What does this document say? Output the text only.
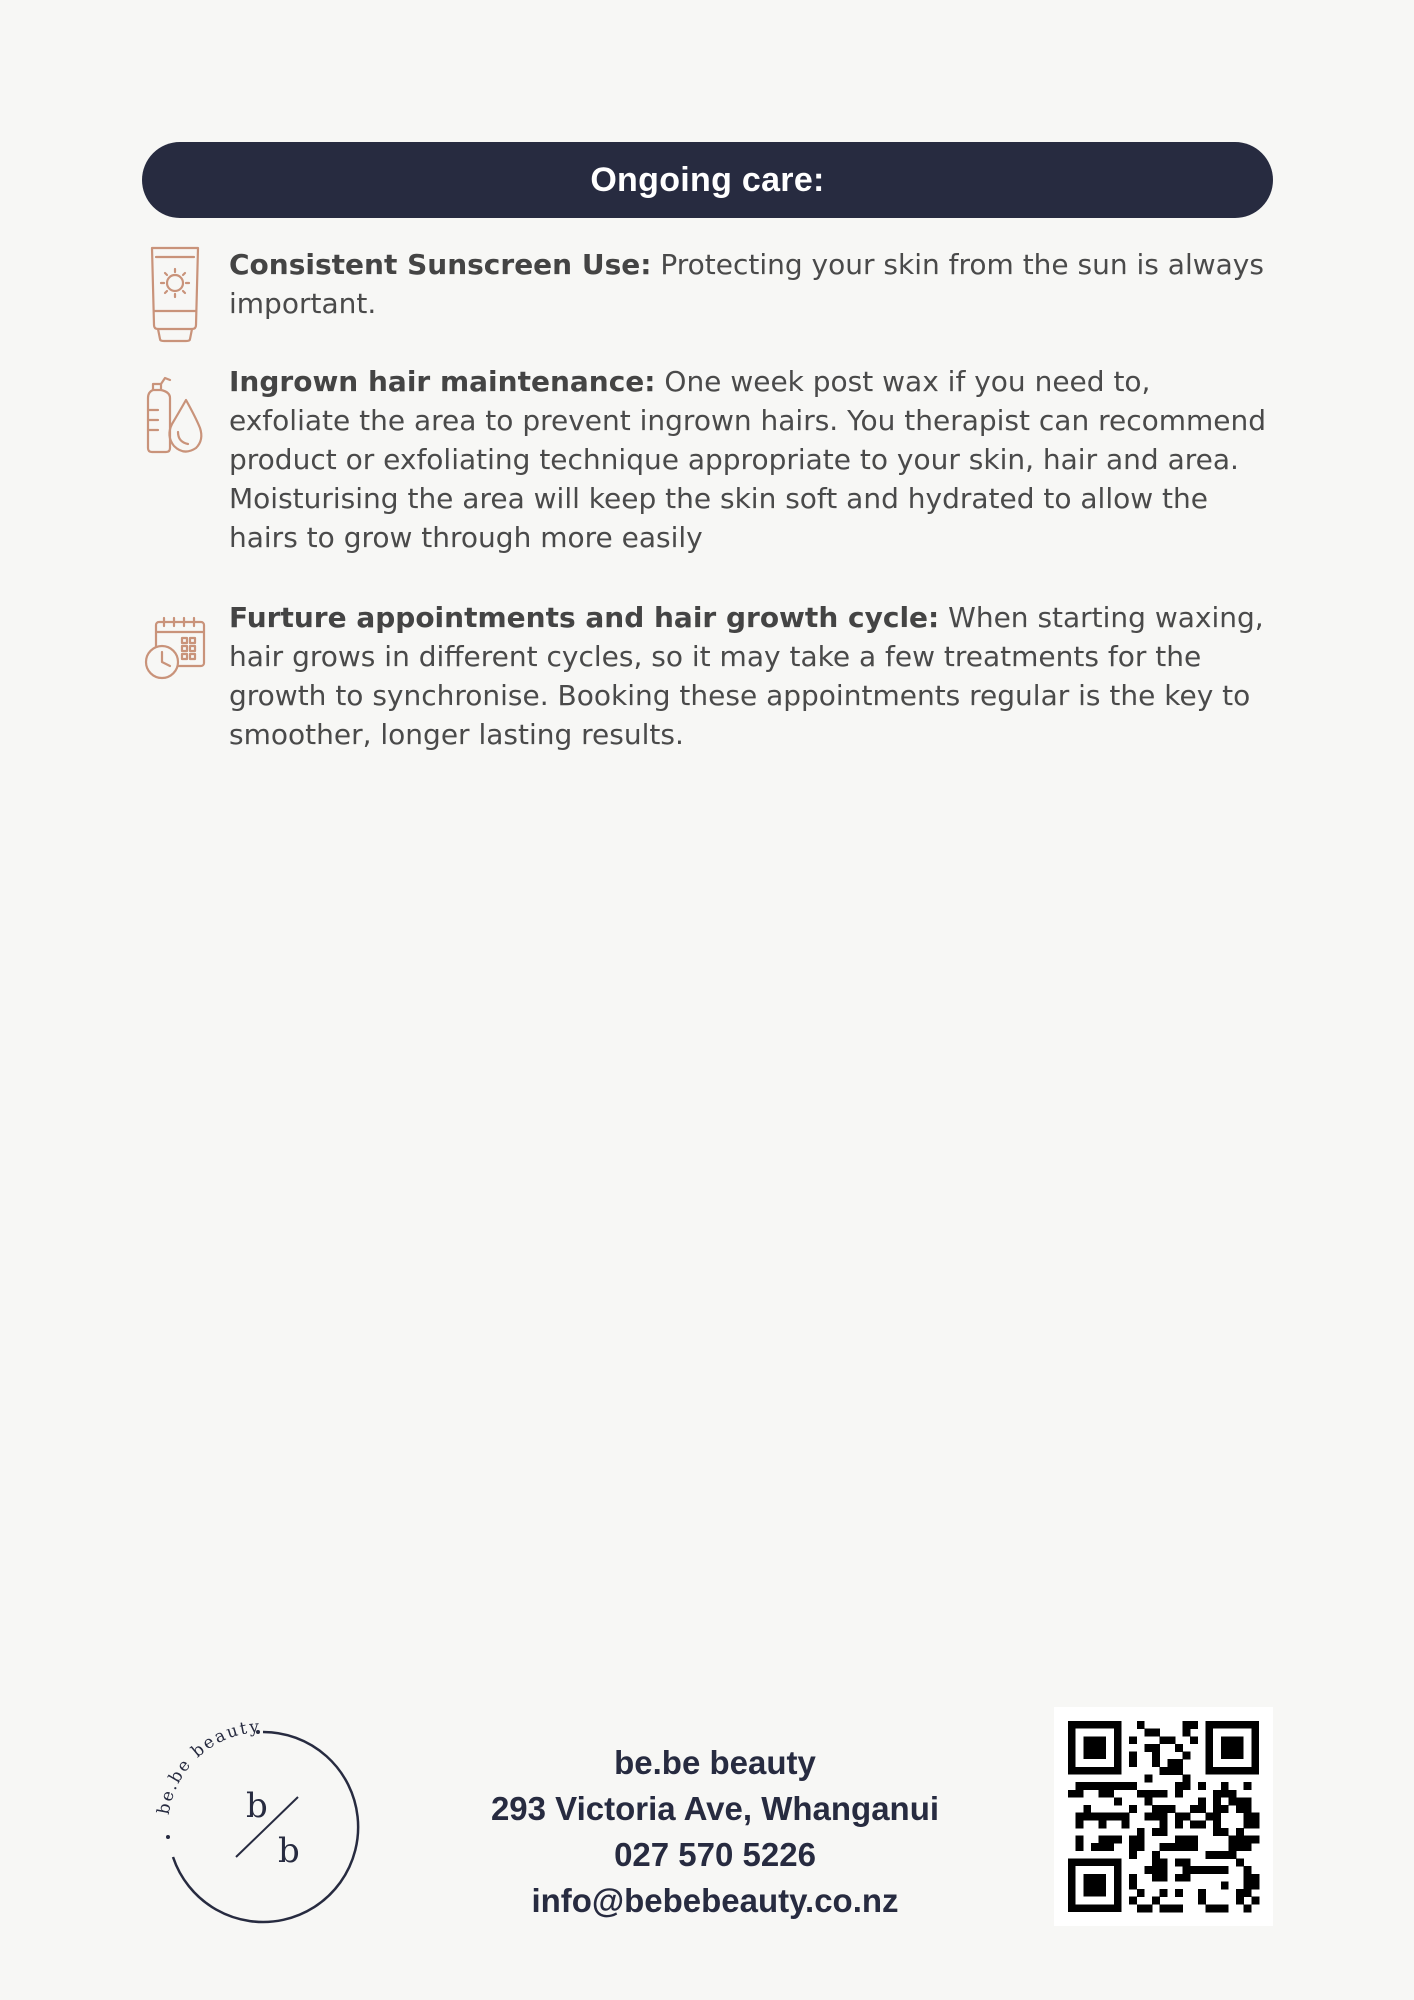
Ongoing care:

Consistent Sunscreen Use: Protecting your skin from the sun is always important.

Ingrown hair maintenance: One week post wax if you need to, exfoliate the area to prevent ingrown hairs. You therapist can recommend product or exfoliating technique appropriate to your skin, hair and area. Moisturising the area will keep the skin soft and hydrated to allow the hairs to grow through more easily

Furture appointments and hair growth cycle: When starting waxing, hair grows in different cycles, so it may take a few treatments for the growth to synchronise. Booking these appointments regular is the key to smoother, longer lasting results.

be.be beauty
b
b
be.be beauty
293 Victoria Ave, Whanganui
027 570 5226
info@bebebeauty.co.nz
